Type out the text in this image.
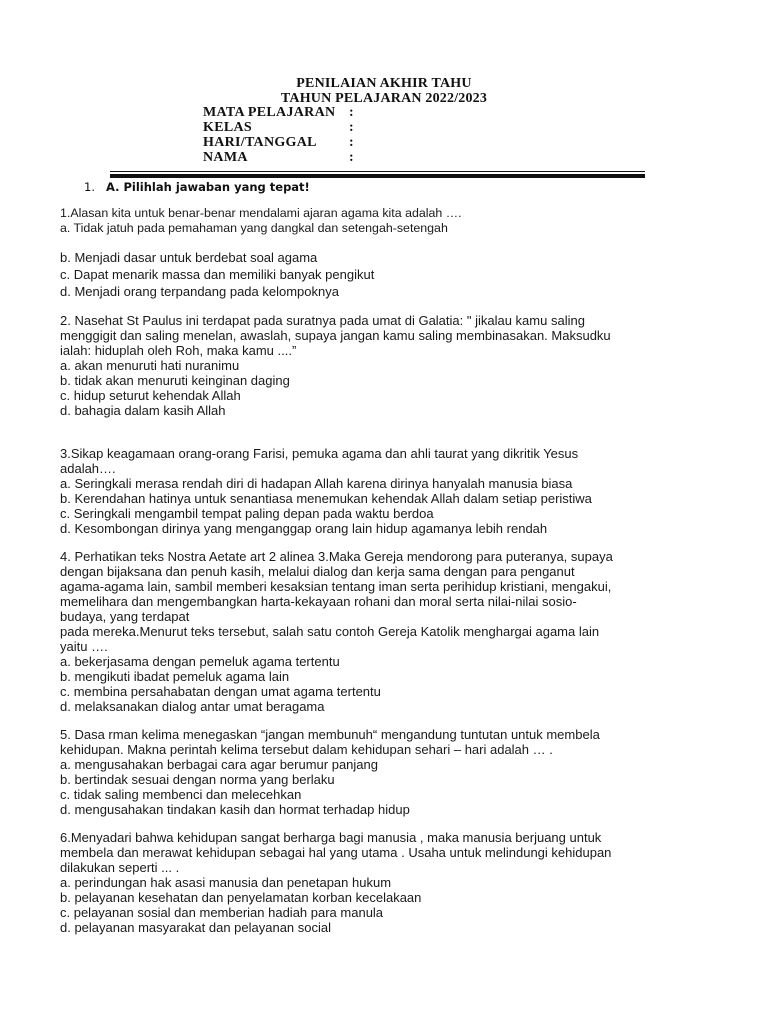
PENILAIAN AKHIR TAHU
TAHUN PELAJARAN 2022/2023
MATA PELAJARAN :
KELAS	:
HARI/TANGGAL :
NAMA	:
1. A. Pilihlah jawaban yang tepat!
1.Alasan kita untuk benar-benar mendalami ajaran agama kita adalah ….
a. Tidak jatuh pada pemahaman yang dangkal dan setengah-setengah
b. Menjadi dasar untuk berdebat soal agama
c. Dapat menarik massa dan memiliki banyak pengikut
d. Menjadi orang terpandang pada kelompoknya
2. Nasehat St Paulus ini terdapat pada suratnya pada umat di Galatia: " jikalau kamu saling
menggigit dan saling menelan, awaslah, supaya jangan kamu saling membinasakan. Maksudku
ialah: hiduplah oleh Roh, maka kamu ....”
a. akan menuruti hati nuranimu
b. tidak akan menuruti keinginan daging
c. hidup seturut kehendak Allah
d. bahagia dalam kasih Allah
3.Sikap keagamaan orang-orang Farisi, pemuka agama dan ahli taurat yang dikritik Yesus
adalah….
a. Seringkali merasa rendah diri di hadapan Allah karena dirinya hanyalah manusia biasa
b. Kerendahan hatinya untuk senantiasa menemukan kehendak Allah dalam setiap peristiwa
c. Seringkali mengambil tempat paling depan pada waktu berdoa
d. Kesombongan dirinya yang menganggap orang lain hidup agamanya lebih rendah
4. Perhatikan teks Nostra Aetate art 2 alinea 3.Maka Gereja mendorong para puteranya, supaya
dengan bijaksana dan penuh kasih, melalui dialog dan kerja sama dengan para penganut
agama-agama lain, sambil memberi kesaksian tentang iman serta perihidup kristiani, mengakui,
memelihara dan mengembangkan harta-kekayaan rohani dan moral serta nilai-nilai sosio-
budaya, yang terdapat
pada mereka.Menurut teks tersebut, salah satu contoh Gereja Katolik menghargai agama lain
yaitu ….
a. bekerjasama dengan pemeluk agama tertentu
b. mengikuti ibadat pemeluk agama lain
c. membina persahabatan dengan umat agama tertentu
d. melaksanakan dialog antar umat beragama
5. Dasa rman kelima menegaskan “jangan membunuh“ mengandung tuntutan untuk membela
kehidupan. Makna perintah kelima tersebut dalam kehidupan sehari – hari adalah … .
a. mengusahakan berbagai cara agar berumur panjang
b. bertindak sesuai dengan norma yang berlaku
c. tidak saling membenci dan melecehkan
d. mengusahakan tindakan kasih dan hormat terhadap hidup
6.Menyadari bahwa kehidupan sangat berharga bagi manusia , maka manusia berjuang untuk
membela dan merawat kehidupan sebagai hal yang utama . Usaha untuk melindungi kehidupan
dilakukan seperti ... .
a. perindungan hak asasi manusia dan penetapan hukum
b. pelayanan kesehatan dan penyelamatan korban kecelakaan
c. pelayanan sosial dan memberian hadiah para manula
d. pelayanan masyarakat dan pelayanan social
